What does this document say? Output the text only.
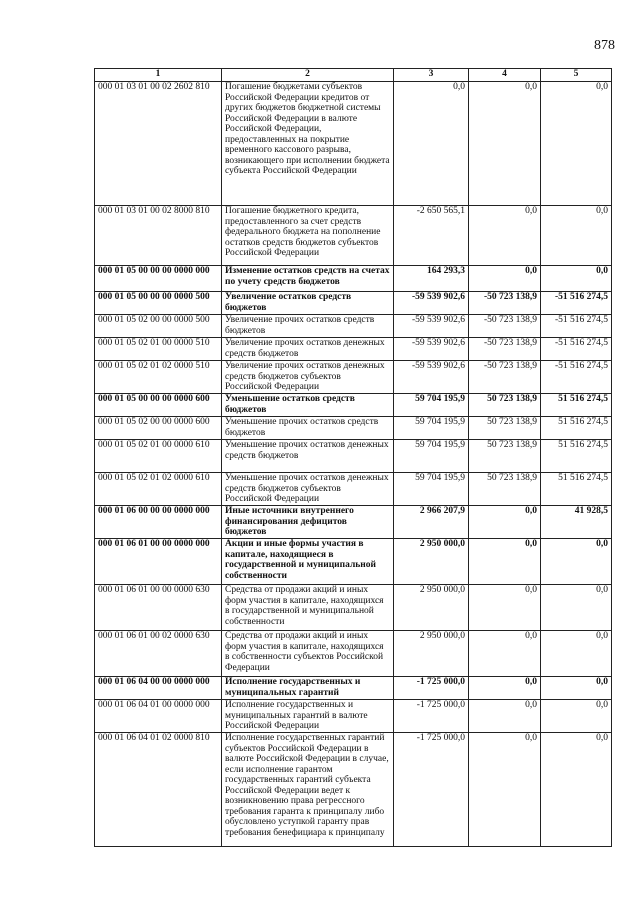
878
1	2	3	4	5
000 01 03 01 00 02 2602 810	Погашение бюджетами субъектов Российской Федерации кредитов от других бюджетов бюджетной системы Российской Федерации в валюте Российской Федерации, предоставленных на покрытие временного кассового разрыва, возникающего при исполнении бюджета субъекта Российской Федерации	0,0	0,0	0,0
000 01 03 01 00 02 8000 810	Погашение бюджетного кредита, предоставленного за счет средств федерального бюджета на пополнение остатков средств бюджетов субъектов Российской Федерации	-2 650 565,1	0,0	0,0
000 01 05 00 00 00 0000 000	Изменение остатков средств на счетах по учету средств бюджетов	164 293,3	0,0	0,0
000 01 05 00 00 00 0000 500	Увеличение остатков средств бюджетов	-59 539 902,6	-50 723 138,9	-51 516 274,5
000 01 05 02 00 00 0000 500	Увеличение прочих остатков средств бюджетов	-59 539 902,6	-50 723 138,9	-51 516 274,5
000 01 05 02 01 00 0000 510	Увеличение прочих остатков денежных средств бюджетов	-59 539 902,6	-50 723 138,9	-51 516 274,5
000 01 05 02 01 02 0000 510	Увеличение прочих остатков денежных средств бюджетов субъектов Российской Федерации	-59 539 902,6	-50 723 138,9	-51 516 274,5
000 01 05 00 00 00 0000 600	Уменьшение остатков средств бюджетов	59 704 195,9	50 723 138,9	51 516 274,5
000 01 05 02 00 00 0000 600	Уменьшение прочих остатков средств бюджетов	59 704 195,9	50 723 138,9	51 516 274,5
000 01 05 02 01 00 0000 610	Уменьшение прочих остатков денежных средств бюджетов	59 704 195,9	50 723 138,9	51 516 274,5
000 01 05 02 01 02 0000 610	Уменьшение прочих остатков денежных средств бюджетов субъектов Российской Федерации	59 704 195,9	50 723 138,9	51 516 274,5
000 01 06 00 00 00 0000 000	Иные источники внутреннего финансирования дефицитов бюджетов	2 966 207,9	0,0	41 928,5
000 01 06 01 00 00 0000 000	Акции и иные формы участия в капитале, находящиеся в государственной и муниципальной собственности	2 950 000,0	0,0	0,0
000 01 06 01 00 00 0000 630	Средства от продажи акций и иных форм участия в капитале, находящихся в государственной и муниципальной собственности	2 950 000,0	0,0	0,0
000 01 06 01 00 02 0000 630	Средства от продажи акций и иных форм участия в капитале, находящихся в собственности субъектов Российской Федерации	2 950 000,0	0,0	0,0
000 01 06 04 00 00 0000 000	Исполнение государственных и муниципальных гарантий	-1 725 000,0	0,0	0,0
000 01 06 04 01 00 0000 000	Исполнение государственных и муниципальных гарантий в валюте Российской Федерации	-1 725 000,0	0,0	0,0
000 01 06 04 01 02 0000 810	Исполнение государственных гарантий субъектов Российской Федерации в валюте Российской Федерации в случае, если исполнение гарантом государственных гарантий субъекта Российской Федерации ведет к возникновению права регрессного требования гаранта к принципалу либо обусловлено уступкой гаранту прав требования бенефициара к принципалу	-1 725 000,0	0,0	0,0
